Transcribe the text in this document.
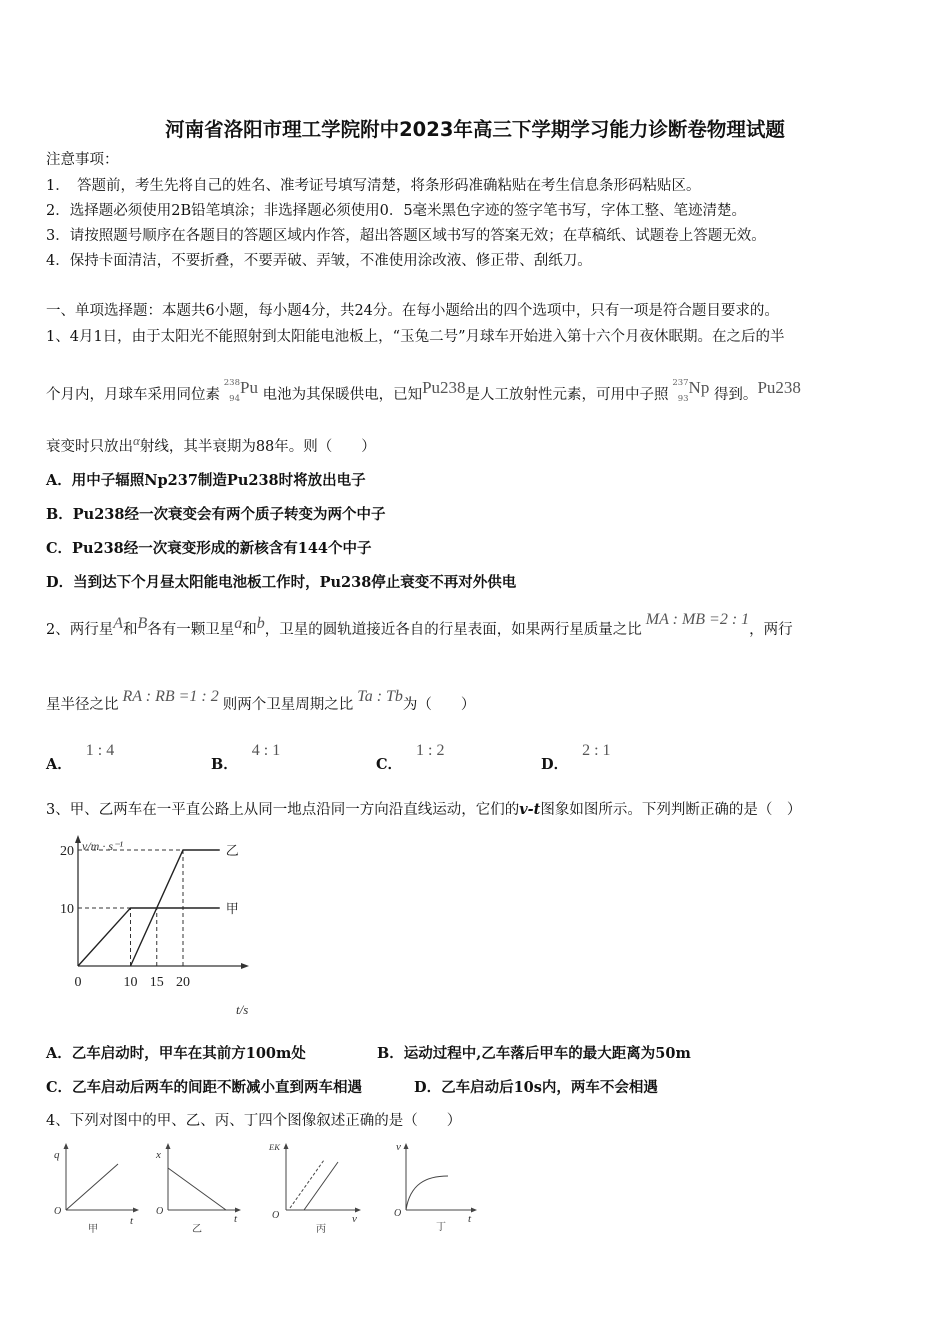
河南省洛阳市理工学院附中2023年高三下学期学习能力诊断卷物理试题
注意事项：
1．　答题前，考生先将自己的姓名、准考证号填写清楚，将条形码准确粘贴在考生信息条形码粘贴区。
2．选择题必须使用2B铅笔填涂；非选择题必须使用0．5毫米黑色字迹的签字笔书写，字体工整、笔迹清楚。
3．请按照题号顺序在各题目的答题区域内作答，超出答题区域书写的答案无效；在草稿纸、试题卷上答题无效。
4．保持卡面清洁，不要折叠，不要弄破、弄皱，不准使用涂改液、修正带、刮纸刀。
一、单项选择题：本题共6小题，每小题4分，共24分。在每小题给出的四个选项中，只有一项是符合题目要求的。
1、4月1日，由于太阳光不能照射到太阳能电池板上，“玉兔二号”月球车开始进入第十六个月夜休眠期。在之后的半
个月内，月球车采用同位素
238
94
Pu 电池为其保暖供电，已知Pu238是人工放射性元素，可用中子照
237
93
Np 得到。Pu238
衰变时只放出α射线，其半衰期为88年。则（　　）
A．用中子辐照Np237制造Pu238时将放出电子
B．Pu238经一次衰变会有两个质子转变为两个中子
C．Pu238经一次衰变形成的新核含有144个中子
D．当到达下个月昼太阳能电池板工作时，Pu238停止衰变不再对外供电
2、两行星A和B各有一颗卫星a和b，卫星的圆轨道接近各自的行星表面，如果两行星质量之比MA : MB =2 : 1，两行
星半径之比 RA : RB =1 : 2 则两个卫星周期之比 Ta : Tb为（　　）
A．1 : 4
B．4 : 1
C．1 : 2
D．2 : 1
3、甲、乙两车在一平直公路上从同一地点沿同一方向沿直线运动，它们的v-t图象如图所示。下列判断正确的是（　）
v/m · s⁻¹
t/s
10
20
0	10 15 20
甲
乙
A．乙车启动时，甲车在其前方100m处	B．运动过程中,乙车落后甲车的最大距离为50m
C．乙车启动后两车的间距不断减小直到两车相遇	D．乙车启动后10s内，两车不会相遇
4、下列对图中的甲、乙、丙、丁四个图像叙述正确的是（　　）
q
t
O
甲
x
t
O
乙
EK
v
O
丙
v
t
O
丁
